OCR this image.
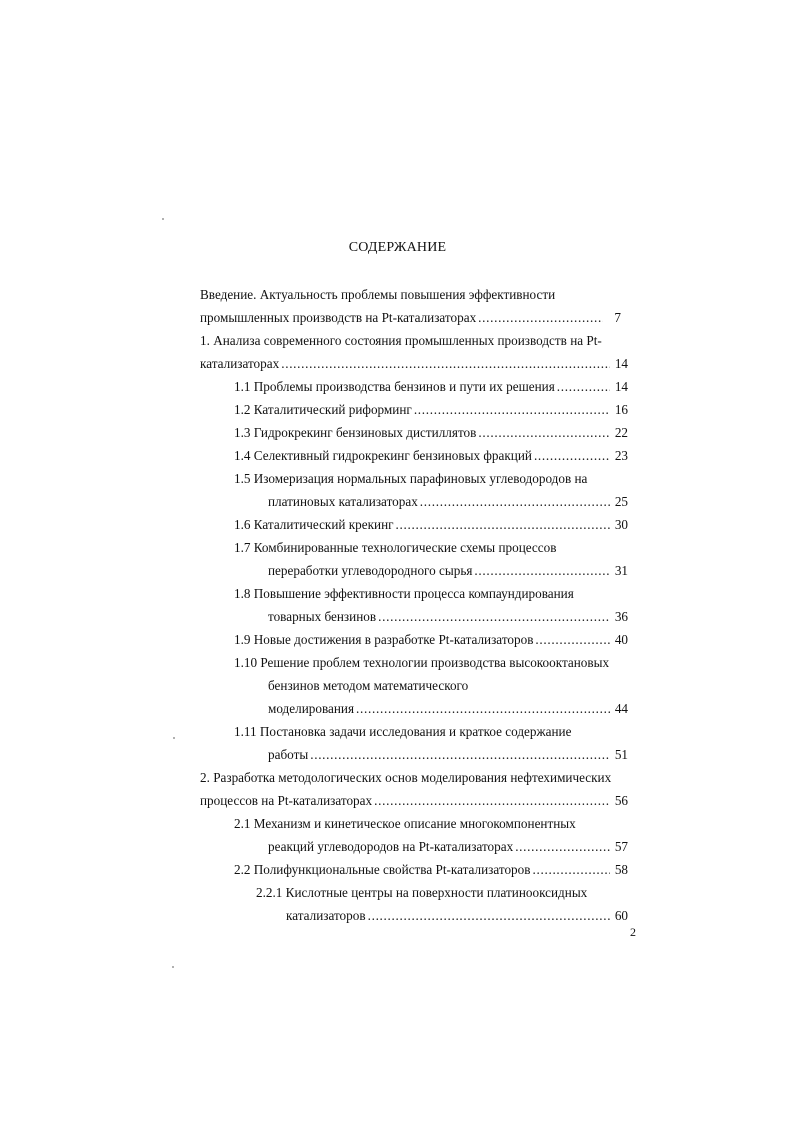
СОДЕРЖАНИЕ
Введение. Актуальность проблемы повышения эффективности
промышленных производств на Pt-катализаторах . . .	7
1. Анализа современного состояния промышленных производств на Pt-
катализаторах . . .	14
1.1 Проблемы производства бензинов и пути их решения . . .	14
1.2 Каталитический риформинг . . .	16
1.3 Гидрокрекинг бензиновых дистиллятов . . .	22
1.4 Селективный гидрокрекинг бензиновых фракций . . .	23
1.5 Изомеризация нормальных парафиновых углеводородов на
платиновых катализаторах . . .	25
1.6 Каталитический крекинг . . .	30
1.7 Комбинированные технологические схемы процессов
переработки углеводородного сырья . . .	31
1.8 Повышение эффективности процесса компаундирования
товарных бензинов . . .	36
1.9 Новые достижения в разработке Pt-катализаторов . . .	40
1.10 Решение проблем технологии производства высокооктановых
бензинов методом математического
моделирования . . .	44
1.11 Постановка задачи исследования и краткое содержание
работы . . .	51
2. Разработка методологических основ моделирования нефтехимических
процессов на Pt-катализаторах . . .	56
2.1 Механизм и кинетическое описание многокомпонентных
реакций углеводородов на Pt-катализаторах . . .	57
2.2 Полифункциональные свойства Pt-катализаторов . . .	58
2.2.1 Кислотные центры на поверхности платинооксидных
катализаторов . . .	60
2
